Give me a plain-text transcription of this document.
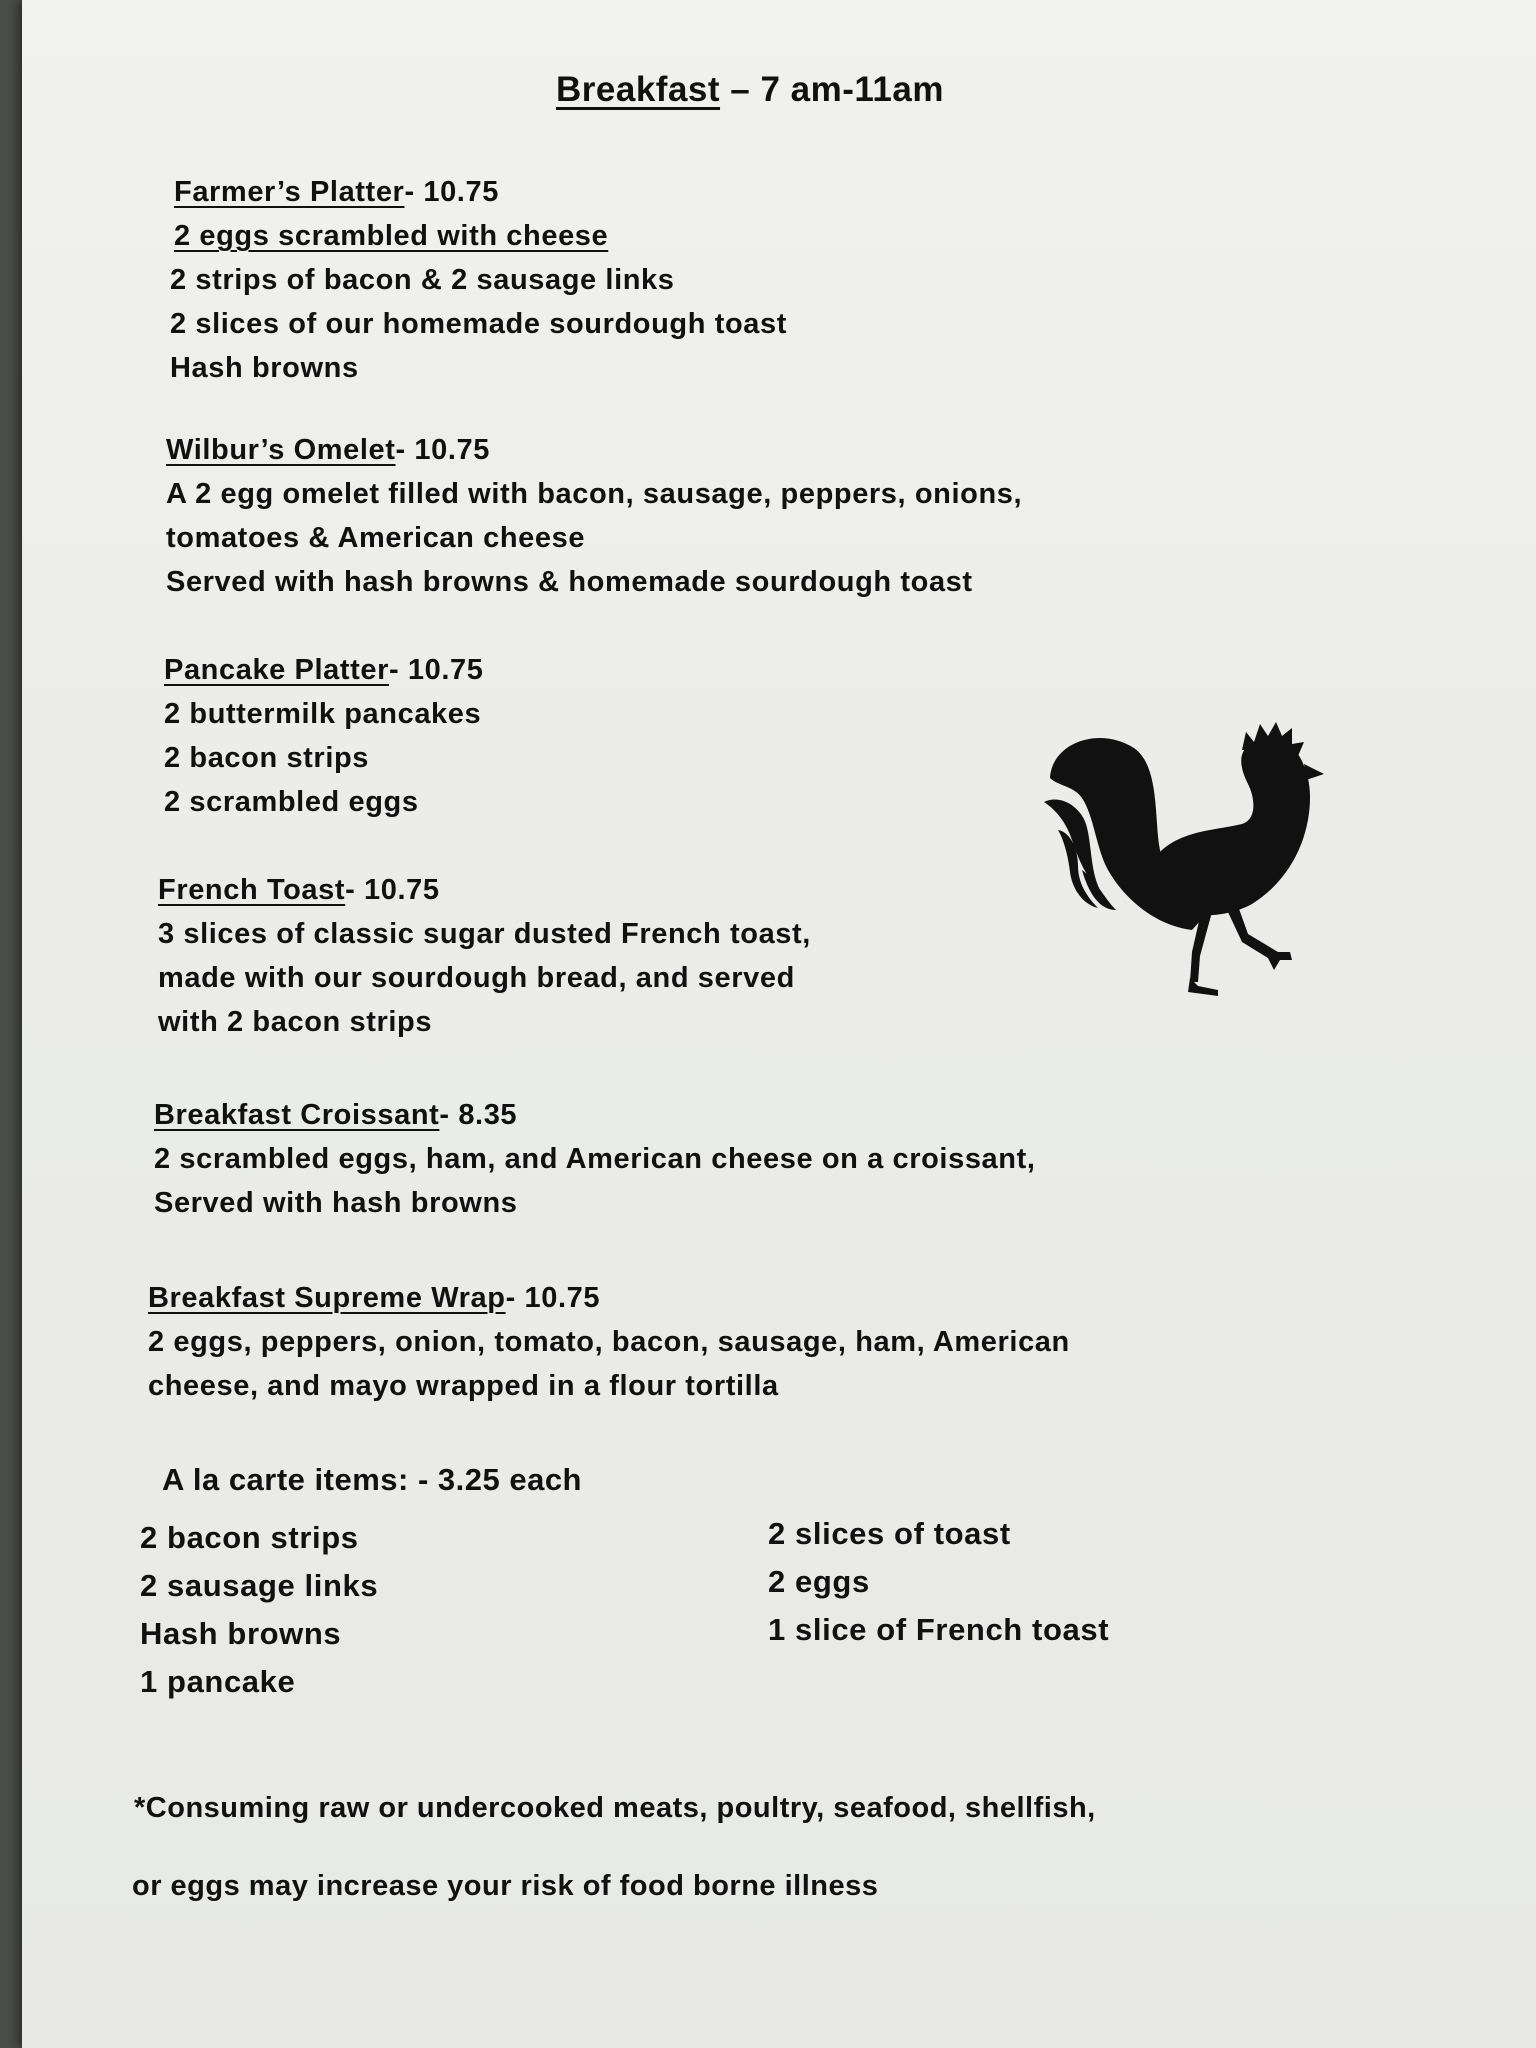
Breakfast – 7 am-11am
Farmer’s Platter- 10.75
2 eggs scrambled with cheese
2 strips of bacon & 2 sausage links
2 slices of our homemade sourdough toast
Hash browns
Wilbur’s Omelet- 10.75
A 2 egg omelet filled with bacon, sausage, peppers, onions,
tomatoes & American cheese
Served with hash browns & homemade sourdough toast
Pancake Platter- 10.75
2 buttermilk pancakes
2 bacon strips
2 scrambled eggs
French Toast- 10.75
3 slices of classic sugar dusted French toast,
made with our sourdough bread, and served
with 2 bacon strips
Breakfast Croissant- 8.35
2 scrambled eggs, ham, and American cheese on a croissant,
Served with hash browns
Breakfast Supreme Wrap- 10.75
2 eggs, peppers, onion, tomato, bacon, sausage, ham, American
cheese, and mayo wrapped in a flour tortilla
A la carte items: - 3.25 each
2 bacon strips
2 sausage links
Hash browns
1 pancake
2 slices of toast
2 eggs
1 slice of French toast
*Consuming raw or undercooked meats, poultry, seafood, shellfish,
or eggs may increase your risk of food borne illness
